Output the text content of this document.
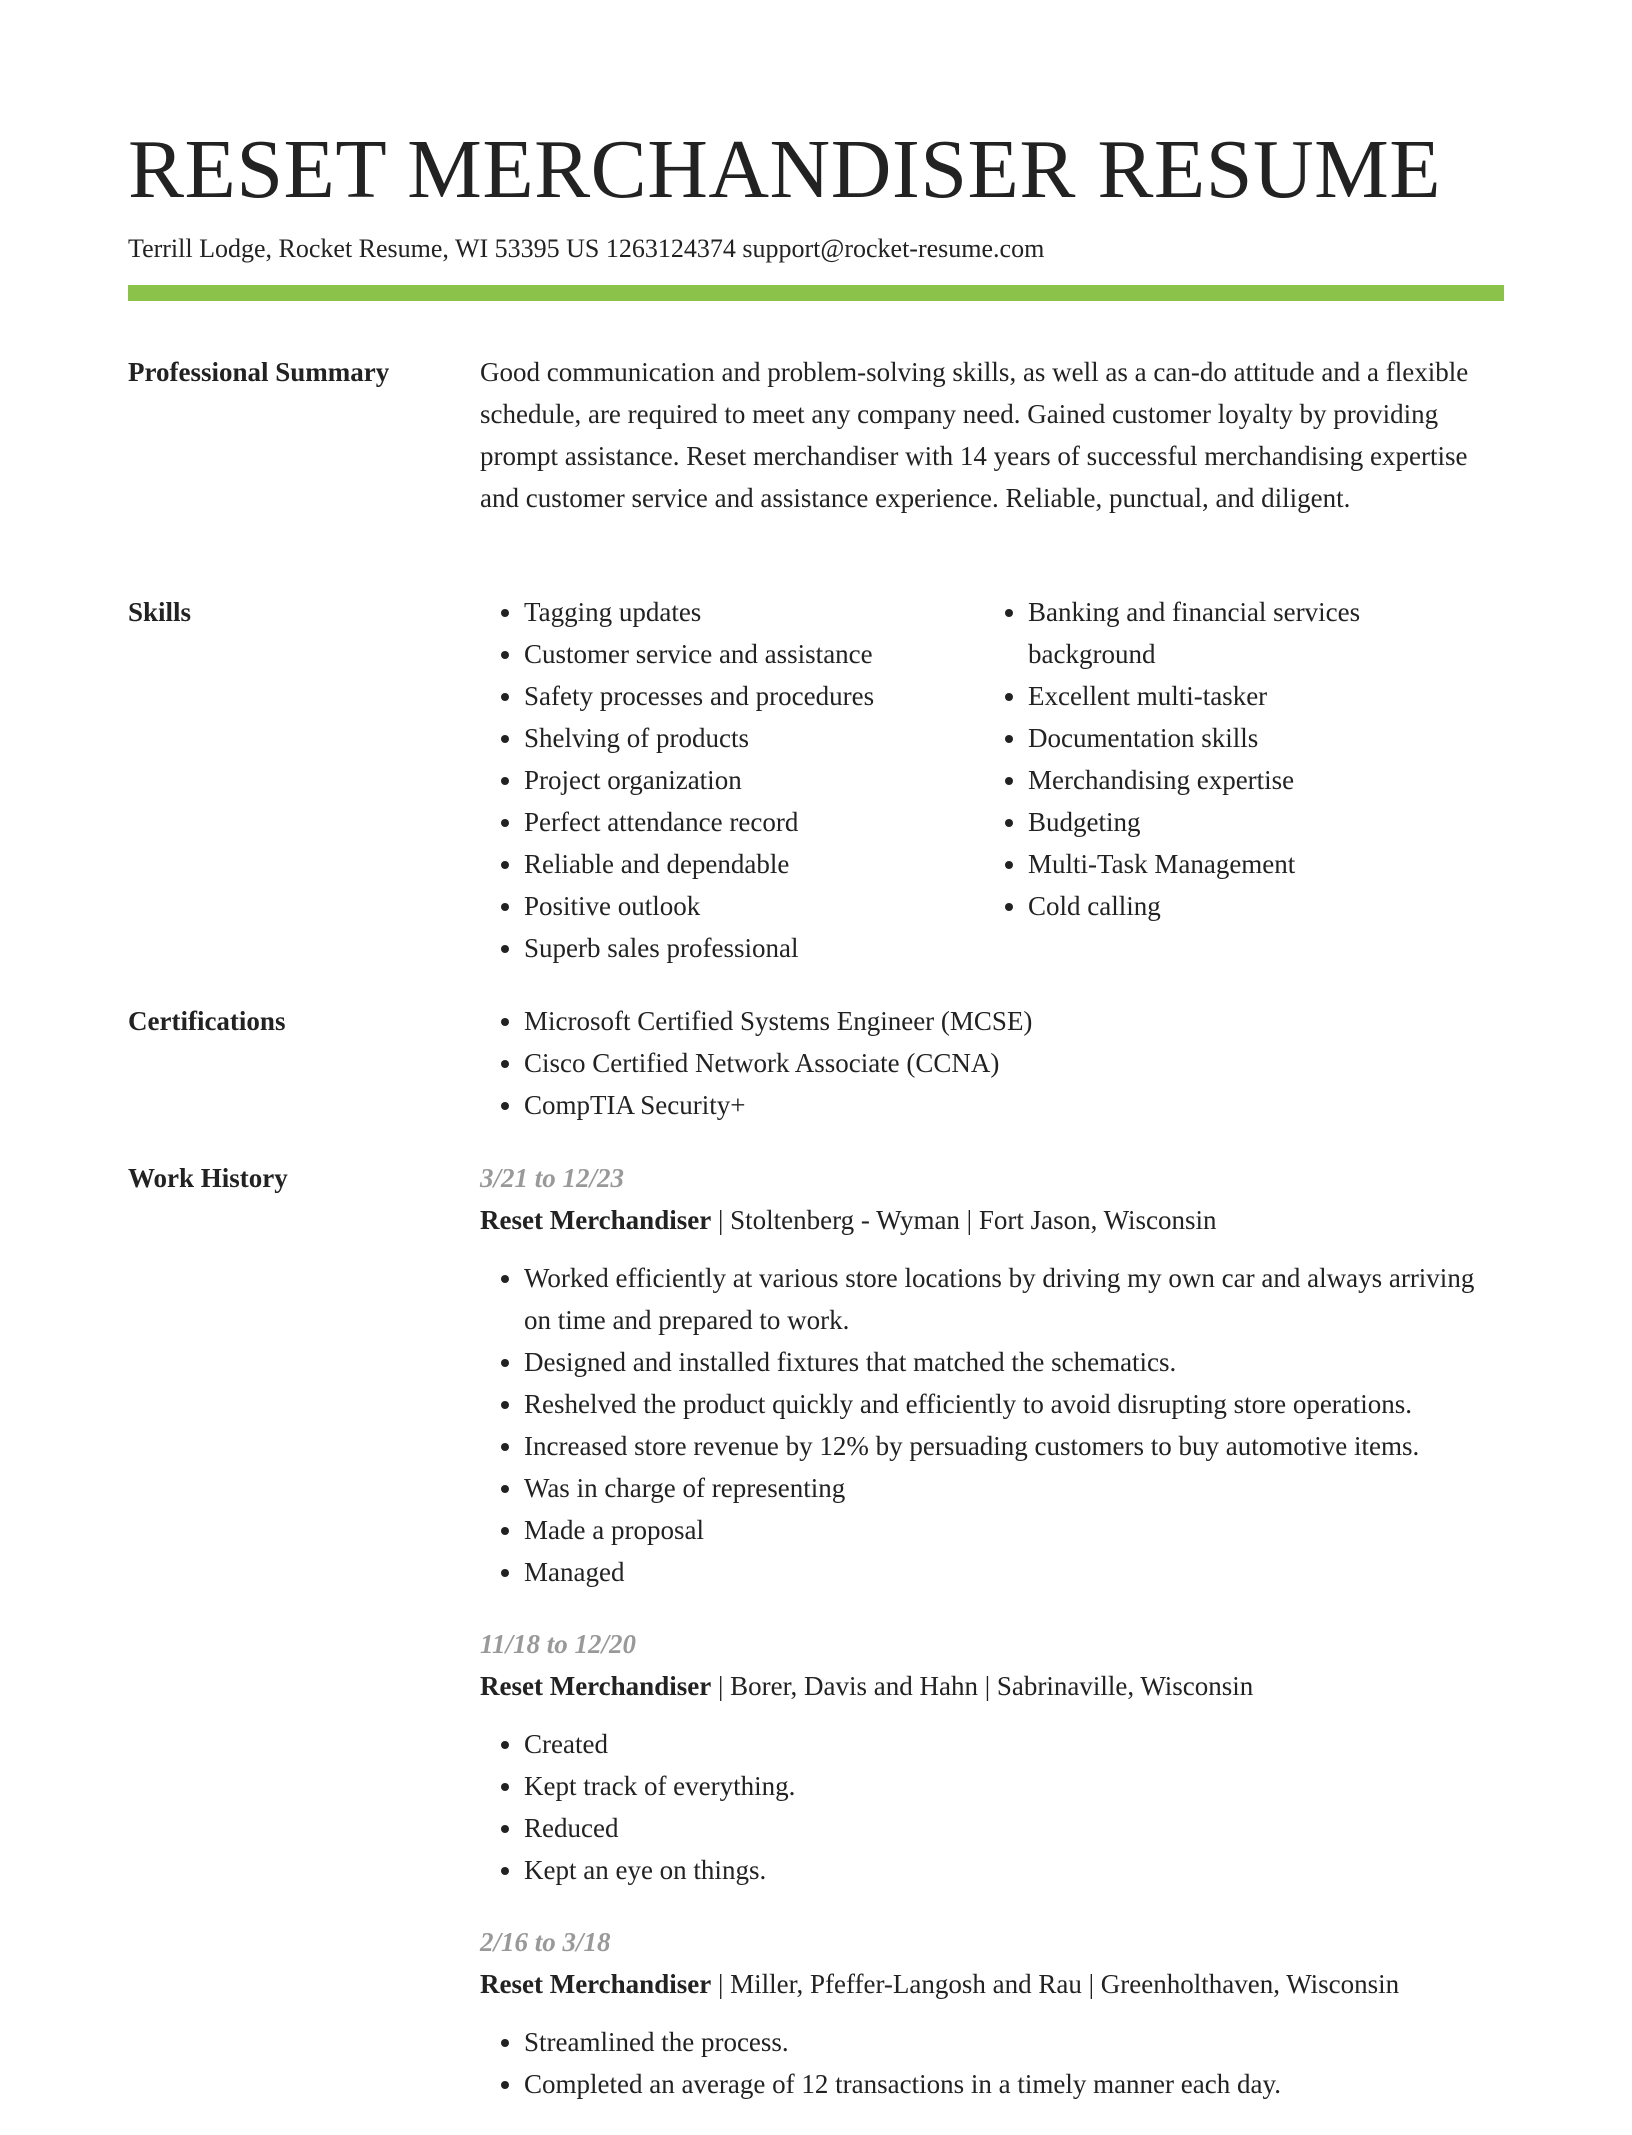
RESET MERCHANDISER RESUME
Terrill Lodge, Rocket Resume, WI 53395 US 1263124374 support@rocket-resume.com
Professional Summary	Good communication and problem-solving skills, as well as a can-do attitude and a flexible schedule, are required to meet any company need. Gained customer loyalty by providing prompt assistance. Reset merchandiser with 14 years of successful merchandising expertise and customer service and assistance experience. Reliable, punctual, and diligent.

Skills	• Tagging updates
• Customer service and assistance
• Safety processes and procedures
• Shelving of products
• Project organization
• Perfect attendance record
• Reliable and dependable
• Positive outlook
• Superb sales professional
• Banking and financial services background
• Excellent multi-tasker
• Documentation skills
• Merchandising expertise
• Budgeting
• Multi-Task Management
• Cold calling
Certifications	• Microsoft Certified Systems Engineer (MCSE)
• Cisco Certified Network Associate (CCNA)
• CompTIA Security+
Work History	3/21 to 12/23
Reset Merchandiser | Stoltenberg - Wyman | Fort Jason, Wisconsin
• Worked efficiently at various store locations by driving my own car and always arriving on time and prepared to work.
• Designed and installed fixtures that matched the schematics.
• Reshelved the product quickly and efficiently to avoid disrupting store operations.
• Increased store revenue by 12% by persuading customers to buy automotive items.
• Was in charge of representing
• Made a proposal
• Managed
11/18 to 12/20
Reset Merchandiser | Borer, Davis and Hahn | Sabrinaville, Wisconsin
• Created
• Kept track of everything.
• Reduced
• Kept an eye on things.
2/16 to 3/18
Reset Merchandiser | Miller, Pfeffer-Langosh and Rau | Greenholthaven, Wisconsin
• Streamlined the process.
• Completed an average of 12 transactions in a timely manner each day.
